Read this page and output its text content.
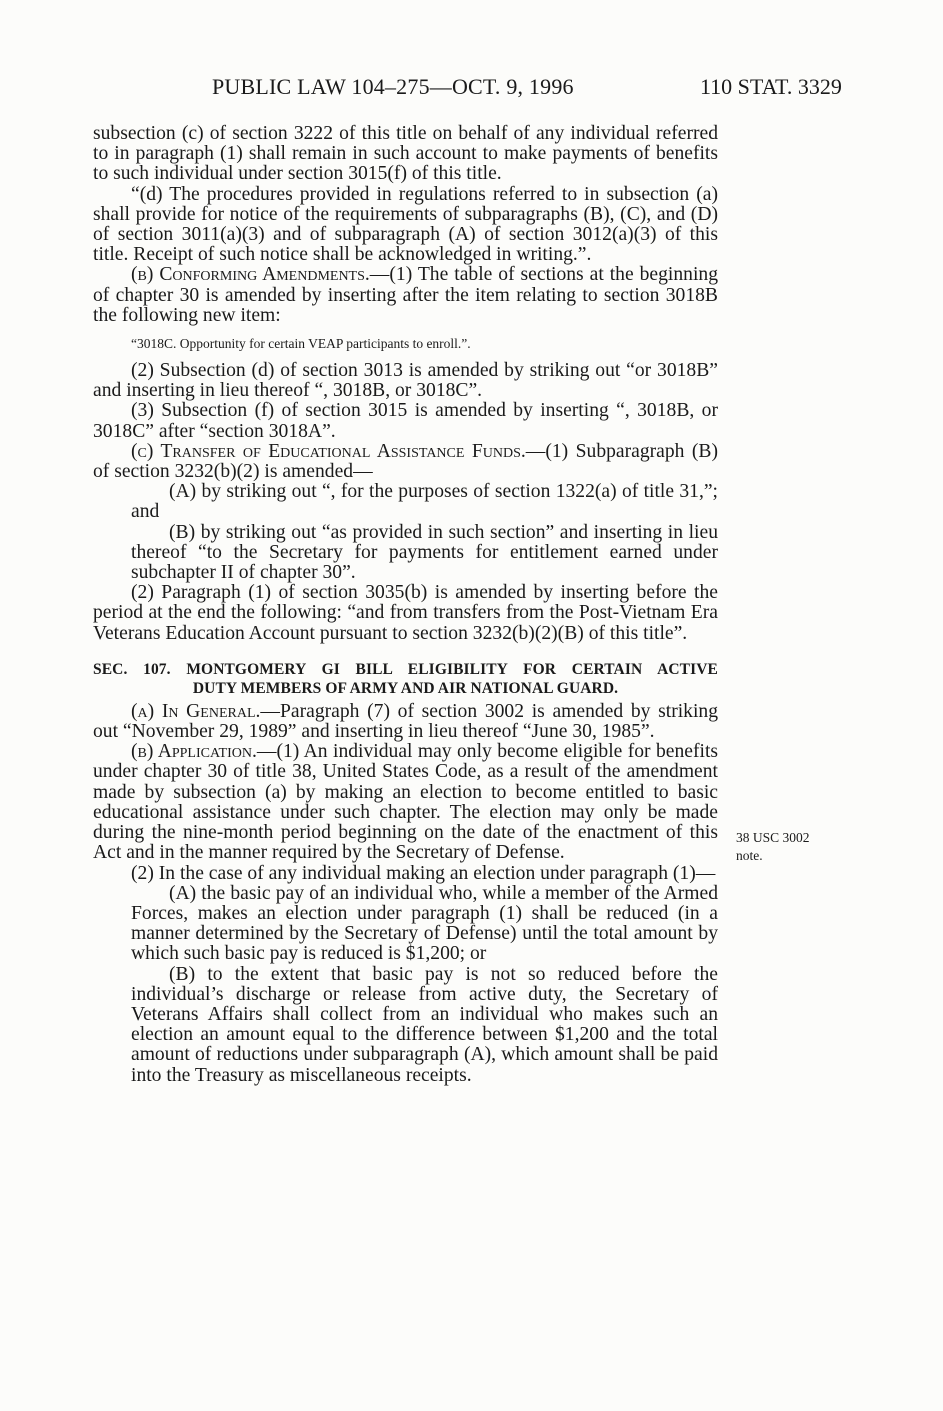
PUBLIC LAW 104–275—OCT. 9, 1996	110 STAT. 3329

subsection (c) of section 3222 of this title on behalf of any individual referred to in paragraph (1) shall remain in such account to make payments of benefits to such individual under section 3015(f) of this title.

“(d) The procedures provided in regulations referred to in subsection (a) shall provide for notice of the requirements of subparagraphs (B), (C), and (D) of section 3011(a)(3) and of subparagraph (A) of section 3012(a)(3) of this title. Receipt of such notice shall be acknowledged in writing.”.

(b) Conforming Amendments.—(1) The table of sections at the beginning of chapter 30 is amended by inserting after the item relating to section 3018B the following new item:

“3018C. Opportunity for certain VEAP participants to enroll.”.

(2) Subsection (d) of section 3013 is amended by striking out “or 3018B” and inserting in lieu thereof “, 3018B, or 3018C”.

(3) Subsection (f) of section 3015 is amended by inserting “, 3018B, or 3018C” after “section 3018A”.

(c) Transfer of Educational Assistance Funds.—(1) Subparagraph (B) of section 3232(b)(2) is amended—

(A) by striking out “, for the purposes of section 1322(a) of title 31,”; and

(B) by striking out “as provided in such section” and inserting in lieu thereof “to the Secretary for payments for entitlement earned under subchapter II of chapter 30”.

(2) Paragraph (1) of section 3035(b) is amended by inserting before the period at the end the following: “and from transfers from the Post-Vietnam Era Veterans Education Account pursuant to section 3232(b)(2)(B) of this title”.

SEC. 107. MONTGOMERY GI BILL ELIGIBILITY FOR CERTAIN ACTIVE
DUTY MEMBERS OF ARMY AND AIR NATIONAL GUARD.

(a) In General.—Paragraph (7) of section 3002 is amended by striking out “November 29, 1989” and inserting in lieu thereof “June 30, 1985”.

(b) Application.—(1) An individual may only become eligible for benefits under chapter 30 of title 38, United States Code, as a result of the amendment made by subsection (a) by making an election to become entitled to basic educational assistance under such chapter. The election may only be made during the nine-month period beginning on the date of the enactment of this Act and in the manner required by the Secretary of Defense.

(2) In the case of any individual making an election under paragraph (1)—

(A) the basic pay of an individual who, while a member of the Armed Forces, makes an election under paragraph (1) shall be reduced (in a manner determined by the Secretary of Defense) until the total amount by which such basic pay is reduced is $1,200; or

(B) to the extent that basic pay is not so reduced before the individual’s discharge or release from active duty, the Secretary of Veterans Affairs shall collect from an individual who makes such an election an amount equal to the difference between $1,200 and the total amount of reductions under subparagraph (A), which amount shall be paid into the Treasury as miscellaneous receipts.

38 USC 3002
note.
